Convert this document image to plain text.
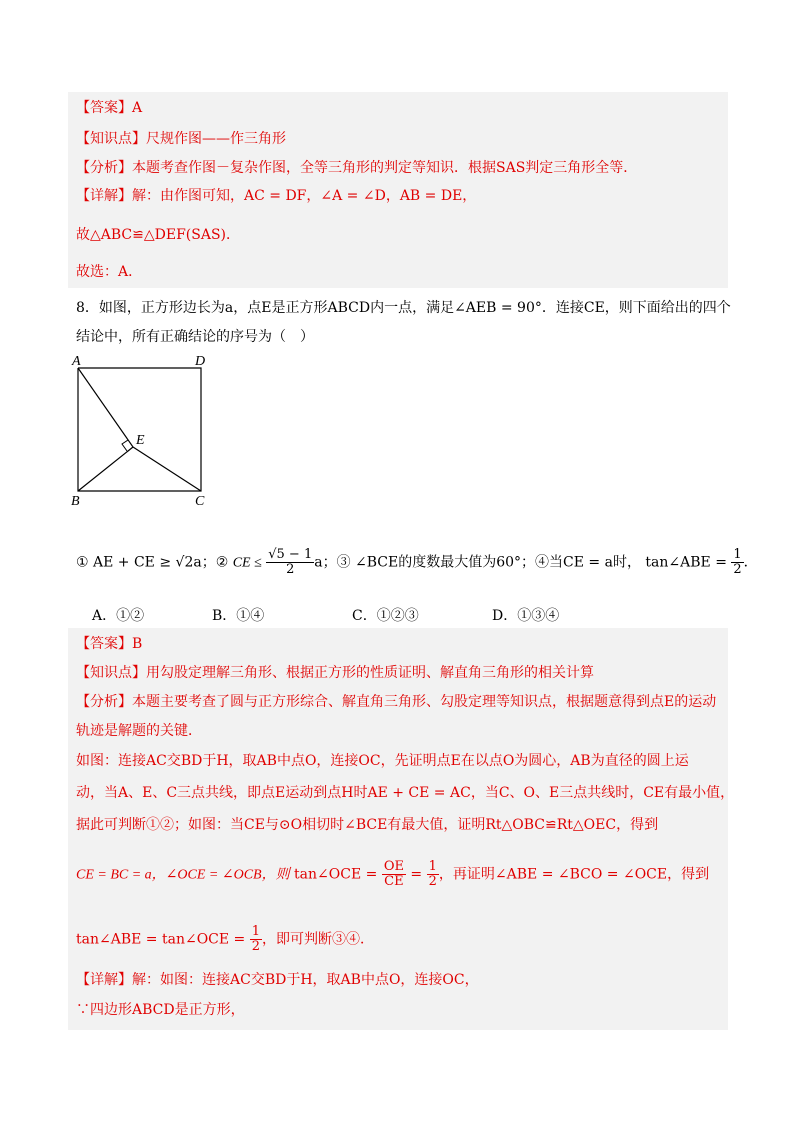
【答案】A
【知识点】尺规作图——作三角形
【分析】本题考查作图－复杂作图，全等三角形的判定等知识．根据SAS判定三角形全等．
【详解】解：由作图可知，AC = DF，∠A = ∠D，AB = DE，
故△ABC≌△DEF(SAS)．
故选：A．
8．如图，正方形边长为a，点E是正方形ABCD内一点，满足∠AEB = 90°．连接CE，则下面给出的四个
结论中，所有正确结论的序号为（　）
A	D
E
B	C
① AE + CE ≥ √2a；② CE ≤ $\frac{√5 - 1}{2}$ a；③ ∠BCE的度数最大值为60°；④当CE = a时， tan∠ABE = $\frac{1}{2}$ ．
A．①②	B．①④	C．①②③	D．①③④
【答案】B
【知识点】用勾股定理解三角形、根据正方形的性质证明、解直角三角形的相关计算
【分析】本题主要考查了圆与正方形综合、解直角三角形、勾股定理等知识点，根据题意得到点E的运动
轨迹是解题的关键．
如图：连接AC交BD于H，取AB中点O，连接OC，先证明点E在以点O为圆心，AB为直径的圆上运
动，当A、E、C三点共线，即点E运动到点H时AE + CE = AC，当C、O、E三点共线时，CE有最小值，
据此可判断①②；如图：当CE与⊙O相切时∠BCE有最大值，证明Rt△OBC≌Rt△OEC，得到
CE = BC = a，∠OCE = ∠OCB，则 tan∠OCE = $\frac{OE}{CE} = \frac{1}{2}$ ，再证明∠ABE = ∠BCO = ∠OCE，得到
tan∠ABE = tan∠OCE = $\frac{1}{2}$ ，即可判断③④．
【详解】解：如图：连接AC交BD于H，取AB中点O，连接OC，
∵四边形ABCD是正方形，
